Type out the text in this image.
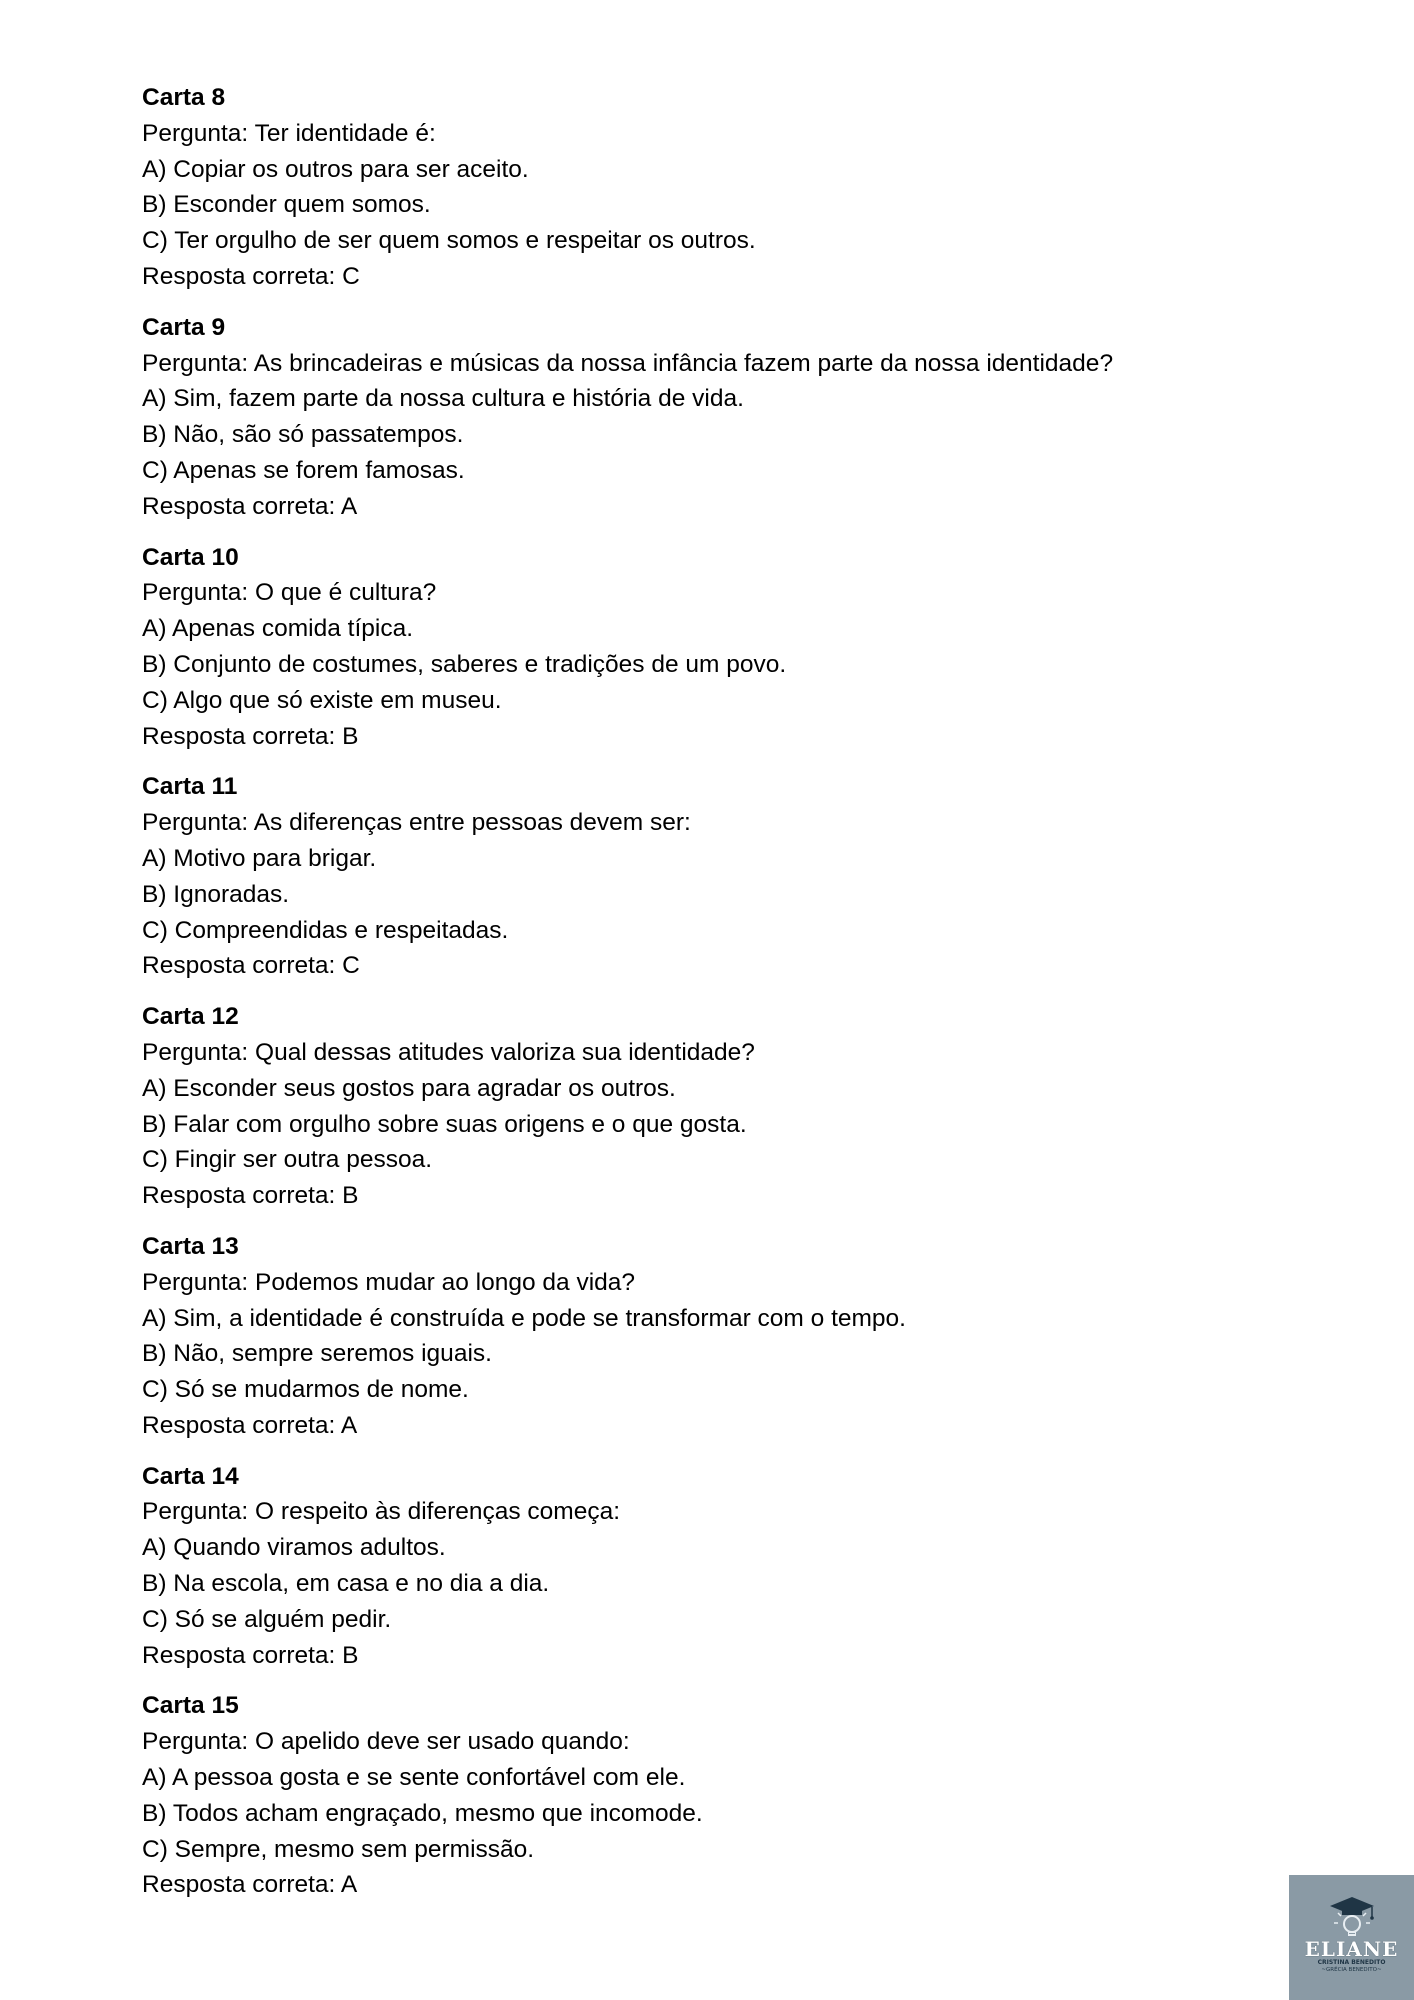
Carta 8
Pergunta: Ter identidade é:
A) Copiar os outros para ser aceito.
B) Esconder quem somos.
C) Ter orgulho de ser quem somos e respeitar os outros.
Resposta correta: C
Carta 9
Pergunta: As brincadeiras e músicas da nossa infância fazem parte da nossa identidade?
A) Sim, fazem parte da nossa cultura e história de vida.
B) Não, são só passatempos.
C) Apenas se forem famosas.
Resposta correta: A
Carta 10
Pergunta: O que é cultura?
A) Apenas comida típica.
B) Conjunto de costumes, saberes e tradições de um povo.
C) Algo que só existe em museu.
Resposta correta: B
Carta 11
Pergunta: As diferenças entre pessoas devem ser:
A) Motivo para brigar.
B) Ignoradas.
C) Compreendidas e respeitadas.
Resposta correta: C
Carta 12
Pergunta: Qual dessas atitudes valoriza sua identidade?
A) Esconder seus gostos para agradar os outros.
B) Falar com orgulho sobre suas origens e o que gosta.
C) Fingir ser outra pessoa.
Resposta correta: B
Carta 13
Pergunta: Podemos mudar ao longo da vida?
A) Sim, a identidade é construída e pode se transformar com o tempo.
B) Não, sempre seremos iguais.
C) Só se mudarmos de nome.
Resposta correta: A
Carta 14
Pergunta: O respeito às diferenças começa:
A) Quando viramos adultos.
B) Na escola, em casa e no dia a dia.
C) Só se alguém pedir.
Resposta correta: B
Carta 15
Pergunta: O apelido deve ser usado quando:
A) A pessoa gosta e se sente confortável com ele.
B) Todos acham engraçado, mesmo que incomode.
C) Sempre, mesmo sem permissão.
Resposta correta: A
ELIANE
CRISTINA BENEDITO
~GRÉCIA BENEDITO~
